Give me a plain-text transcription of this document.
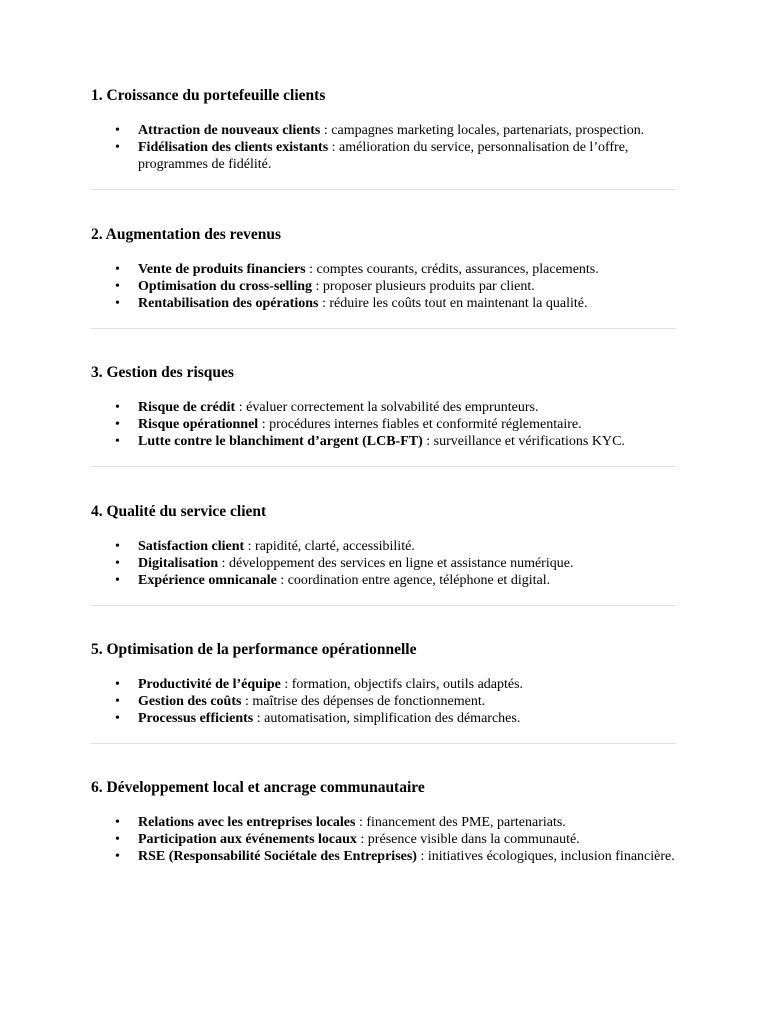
1. Croissance du portefeuille clients
• Attraction de nouveaux clients : campagnes marketing locales, partenariats, prospection.
• Fidélisation des clients existants : amélioration du service, personnalisation de l’offre, programmes de fidélité.
2. Augmentation des revenus
• Vente de produits financiers : comptes courants, crédits, assurances, placements.
• Optimisation du cross-selling : proposer plusieurs produits par client.
• Rentabilisation des opérations : réduire les coûts tout en maintenant la qualité.
3. Gestion des risques
• Risque de crédit : évaluer correctement la solvabilité des emprunteurs.
• Risque opérationnel : procédures internes fiables et conformité réglementaire.
• Lutte contre le blanchiment d’argent (LCB-FT) : surveillance et vérifications KYC.
4. Qualité du service client
• Satisfaction client : rapidité, clarté, accessibilité.
• Digitalisation : développement des services en ligne et assistance numérique.
• Expérience omnicanale : coordination entre agence, téléphone et digital.
5. Optimisation de la performance opérationnelle
• Productivité de l’équipe : formation, objectifs clairs, outils adaptés.
• Gestion des coûts : maîtrise des dépenses de fonctionnement.
• Processus efficients : automatisation, simplification des démarches.
6. Développement local et ancrage communautaire
• Relations avec les entreprises locales : financement des PME, partenariats.
• Participation aux événements locaux : présence visible dans la communauté.
• RSE (Responsabilité Sociétale des Entreprises) : initiatives écologiques, inclusion financière.
